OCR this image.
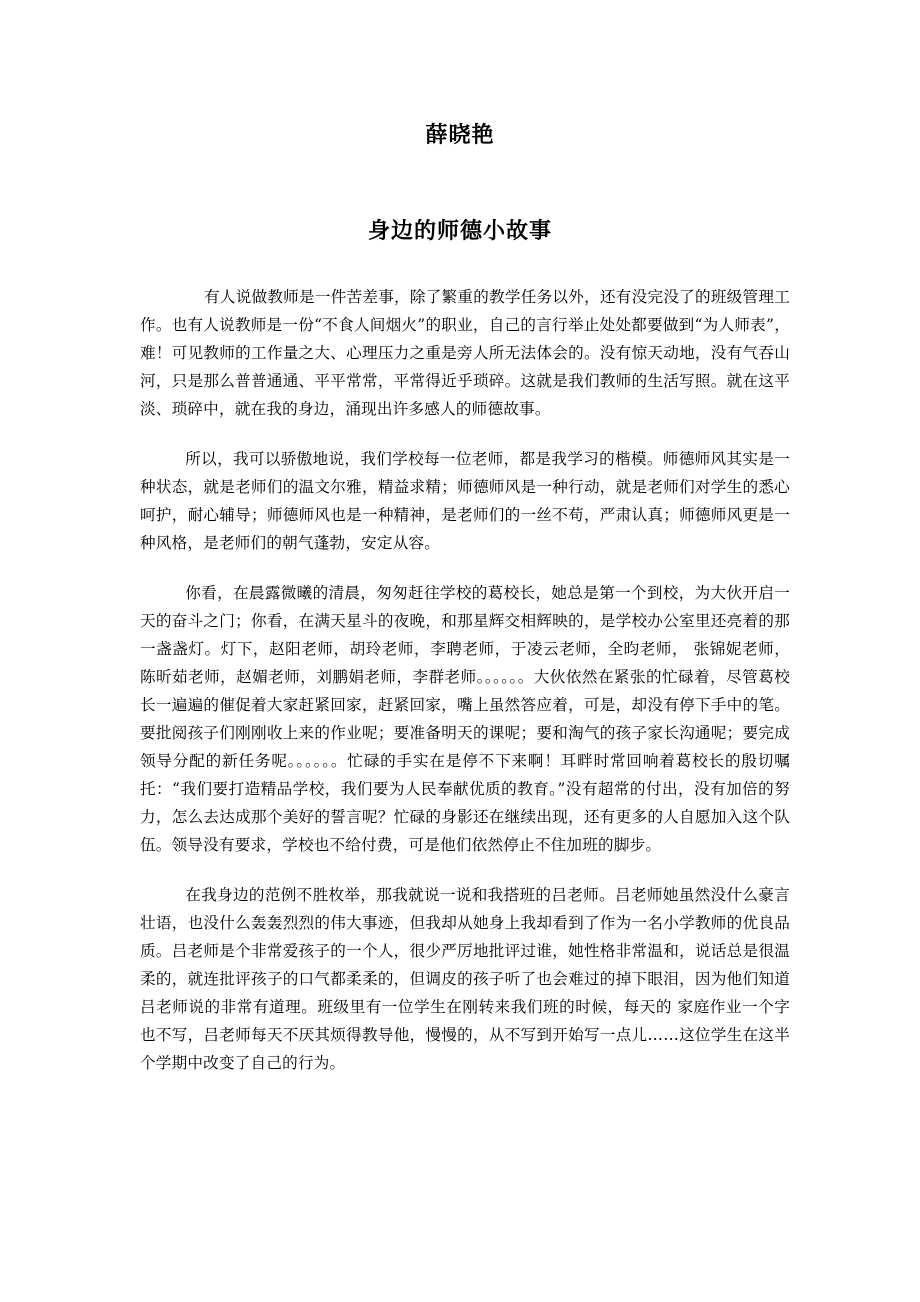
薛晓艳
身边的师德小故事

有人说做教师是一件苦差事，除了繁重的教学任务以外，还有没完没了的班级管理工作。也有人说教师是一份“不食人间烟火”的职业，自己的言行举止处处都要做到“为人师表”，难！可见教师的工作量之大、心理压力之重是旁人所无法体会的。没有惊天动地，没有气吞山河，只是那么普普通通、平平常常，平常得近乎琐碎。这就是我们教师的生活写照。就在这平淡、琐碎中，就在我的身边，涌现出许多感人的师德故事。

所以，我可以骄傲地说，我们学校每一位老师，都是我学习的楷模。师德师风其实是一种状态，就是老师们的温文尔雅，精益求精；师德师风是一种行动，就是老师们对学生的悉心呵护，耐心辅导；师德师风也是一种精神，是老师们的一丝不苟，严肃认真；师德师风更是一种风格，是老师们的朝气蓬勃，安定从容。

你看，在晨露微曦的清晨，匆匆赶往学校的葛校长，她总是第一个到校，为大伙开启一天的奋斗之门；你看，在满天星斗的夜晚，和那星辉交相辉映的，是学校办公室里还亮着的那一盏盏灯。灯下，赵阳老师，胡玲老师，李聘老师，于凌云老师，全昀老师， 张锦妮老师，陈昕茹老师，赵媚老师，刘鹏娟老师，李群老师。。。。。。大伙依然在紧张的忙碌着，尽管葛校长一遍遍的催促着大家赶紧回家，赶紧回家，嘴上虽然答应着，可是，却没有停下手中的笔。要批阅孩子们刚刚收上来的作业呢；要准备明天的课呢；要和淘气的孩子家长沟通呢；要完成领导分配的新任务呢。。。。。。忙碌的手实在是停不下来啊！耳畔时常回响着葛校长的殷切嘱托：“我们要打造精品学校，我们要为人民奉献优质的教育。”没有超常的付出，没有加倍的努力，怎么去达成那个美好的誓言呢？忙碌的身影还在继续出现，还有更多的人自愿加入这个队伍。领导没有要求，学校也不给付费，可是他们依然停止不住加班的脚步。

在我身边的范例不胜枚举，那我就说一说和我搭班的吕老师。吕老师她虽然没什么豪言壮语，也没什么轰轰烈烈的伟大事迹，但我却从她身上我却看到了作为一名小学教师的优良品质。吕老师是个非常爱孩子的一个人，很少严厉地批评过谁，她性格非常温和，说话总是很温柔的，就连批评孩子的口气都柔柔的，但调皮的孩子听了也会难过的掉下眼泪，因为他们知道吕老师说的非常有道理。班级里有一位学生在刚转来我们班的时候，每天的 家庭作业一个字也不写，吕老师每天不厌其烦得教导他，慢慢的，从不写到开始写一点儿……这位学生在这半个学期中改变了自己的行为。
